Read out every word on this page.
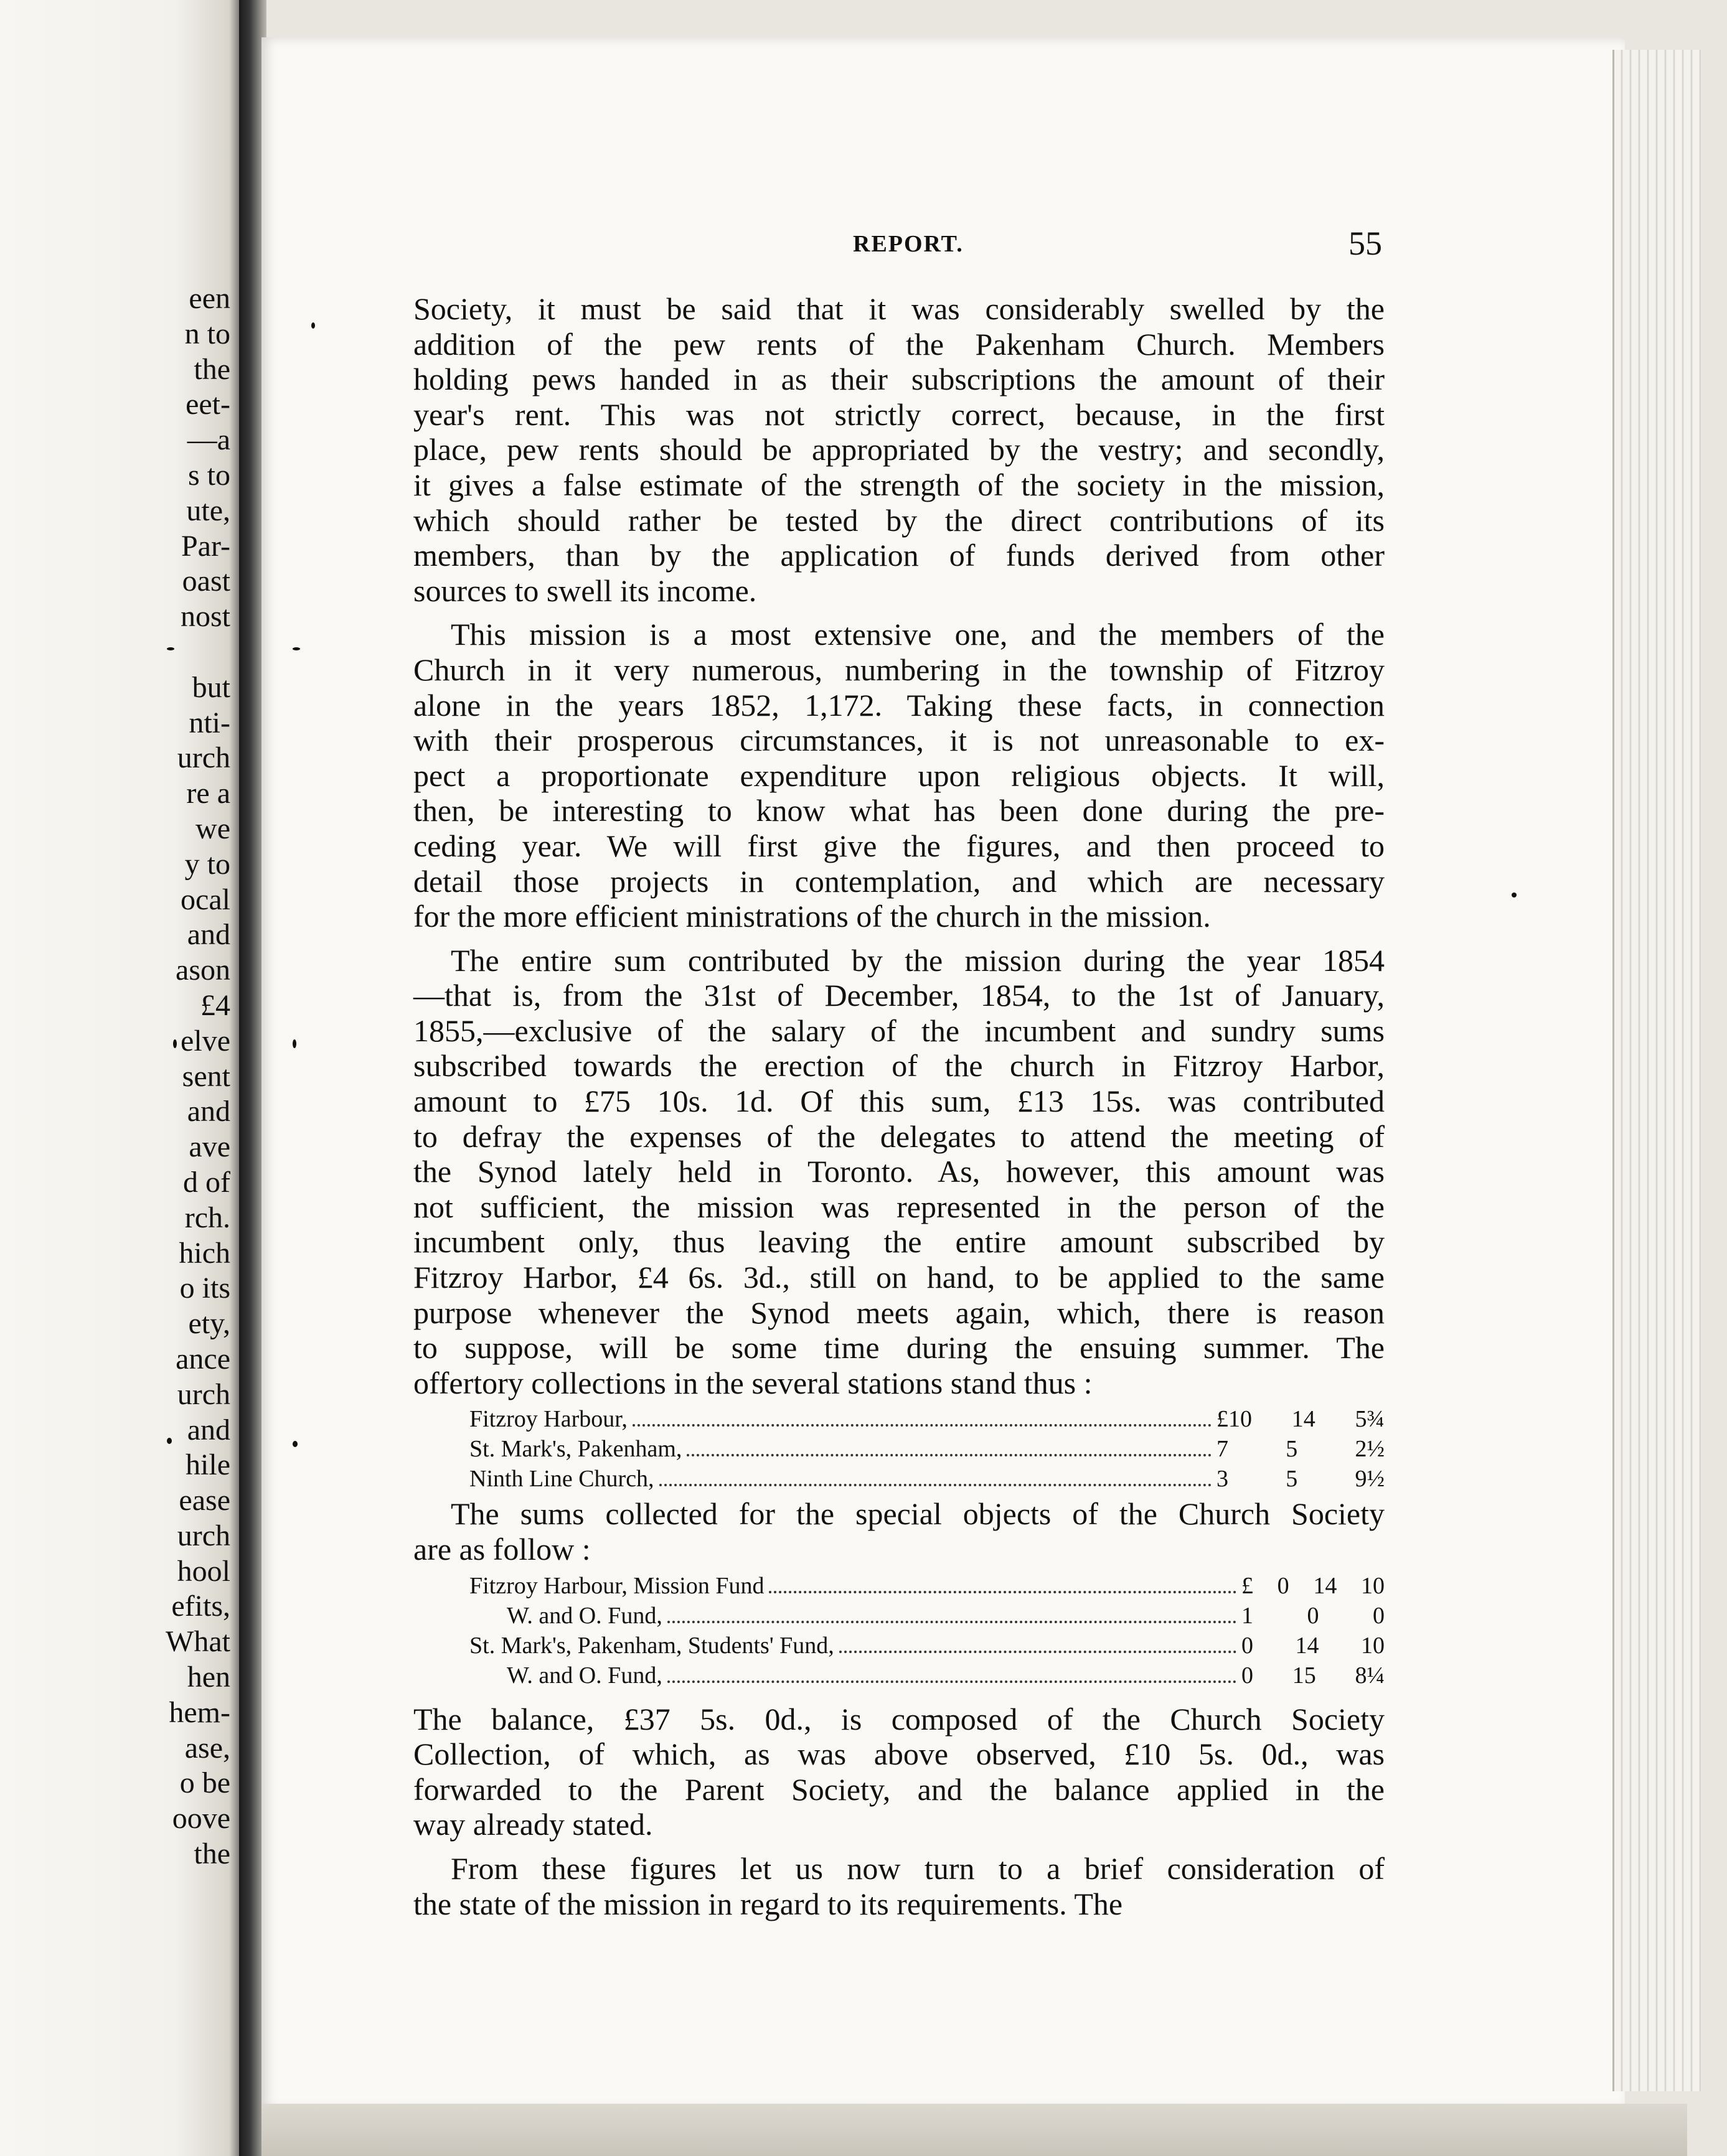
een
n to
the
eet-
—a
s to
ute,
Par-
oast
nost
but
nti-
urch
re a
we
y to
ocal
and
ason
£4
elve
sent
and
ave
d of
rch.
hich
o its
ety,
ance
urch
and
hile
ease
urch
hool
efits,
What
hen
hem-
ase,
o be
oove
the
REPORT.	55
Society, it must be said that it was considerably swelled by the
addition of the pew rents of the Pakenham Church. Members
holding pews handed in as their subscriptions the amount of their
year's rent. This was not strictly correct, because, in the first
place, pew rents should be appropriated by the vestry; and secondly,
it gives a false estimate of the strength of the society in the mission,
which should rather be tested by the direct contributions of its
members, than by the application of funds derived from other
sources to swell its income.
This mission is a most extensive one, and the members of the
Church in it very numerous, numbering in the township of Fitzroy
alone in the years 1852, 1,172. Taking these facts, in connection
with their prosperous circumstances, it is not unreasonable to ex-
pect a proportionate expenditure upon religious objects. It will,
then, be interesting to know what has been done during the pre-
ceding year. We will first give the figures, and then proceed to
detail those projects in contemplation, and which are necessary
for the more efficient ministrations of the church in the mission.
The entire sum contributed by the mission during the year 1854
—that is, from the 31st of December, 1854, to the 1st of January,
1855,—exclusive of the salary of the incumbent and sundry sums
subscribed towards the erection of the church in Fitzroy Harbor,
amount to £75 10s. 1d. Of this sum, £13 15s. was contributed
to defray the expenses of the delegates to attend the meeting of
the Synod lately held in Toronto. As, however, this amount was
not sufficient, the mission was represented in the person of the
incumbent only, thus leaving the entire amount subscribed by
Fitzroy Harbor, £4 6s. 3d., still on hand, to be applied to the same
purpose whenever the Synod meets again, which, there is reason
to suppose, will be some time during the ensuing summer. The
offertory collections in the several stations stand thus :
Fitzroy Harbour,	£10 14 5¾
St. Mark's, Pakenham,	7 5 2½
Ninth Line Church,	3 5 9½
The sums collected for the special objects of the Church Society
are as follow :
Fitzroy Harbour, Mission Fund	£ 0 14 10
W. and O. Fund,	1 0 0
St. Mark's, Pakenham, Students' Fund,	0 14 10
W. and O. Fund,	0 15 8¼
The balance, £37 5s. 0d., is composed of the Church Society
Collection, of which, as was above observed, £10 5s. 0d., was
forwarded to the Parent Society, and the balance applied in the
way already stated.
From these figures let us now turn to a brief consideration of
the state of the mission in regard to its requirements. The
